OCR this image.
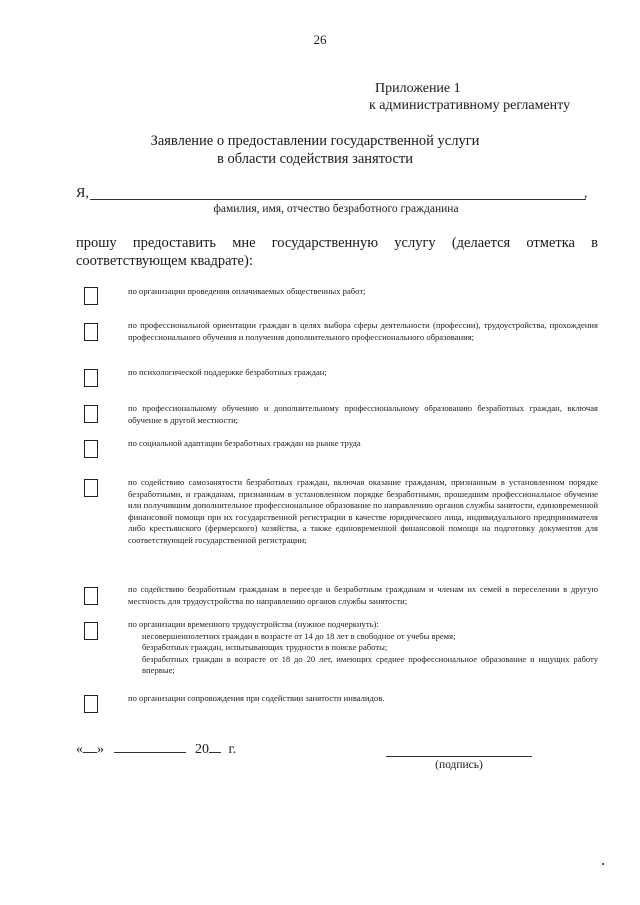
26
Приложение 1
к административному регламенту
Заявление о предоставлении государственной услуги
в области содействия занятости
Я,	,
фамилия, имя, отчество безработного гражданина
прошу предоставить мне государственную услугу (делается отметка в соответствующем квадрате):
по организации проведения оплачиваемых общественных работ;
по профессиональной ориентации граждан в целях выбора сферы деятельности (профессии), трудоустройства, прохождения профессионального обучения и получения дополнительного профессионального образования;
по психологической поддержке безработных граждан;
по профессиональному обучению и дополнительному профессиональному образованию безработных граждан, включая обучение в другой местности;
по социальной адаптации безработных граждан на рынке труда
по содействию самозанятости безработных граждан, включая оказание гражданам, признанным в установленном порядке безработными, и гражданам, признанным в установленном порядке безработными, прошедшим профессиональное обучение или получившим дополнительное профессиональное образование по направлению органов службы занятости, единовременной финансовой помощи при их государственной регистрации в качестве юридического лица, индивидуального предпринимателя либо крестьянского (фермерского) хозяйства, а также единовременной финансовой помощи на подготовку документов для соответствующей государственной регистрации;
по содействию безработным гражданам в переезде и безработным гражданам и членам их семей в переселении в другую местность для трудоустройства по направлению органов службы занятости;
по организации временного трудоустройства (нужное подчеркнуть):
несовершеннолетних граждан в возрасте от 14 до 18 лет в свободное от учебы время;
безработных граждан, испытывающих трудности в поиске работы;
безработных граждан в возрасте от 18 до 20 лет, имеющих среднее профессиональное образование и ищущих работу впервые;
по организации сопровождения при содействии занятости инвалидов.
« »	20 г.
(подпись)
